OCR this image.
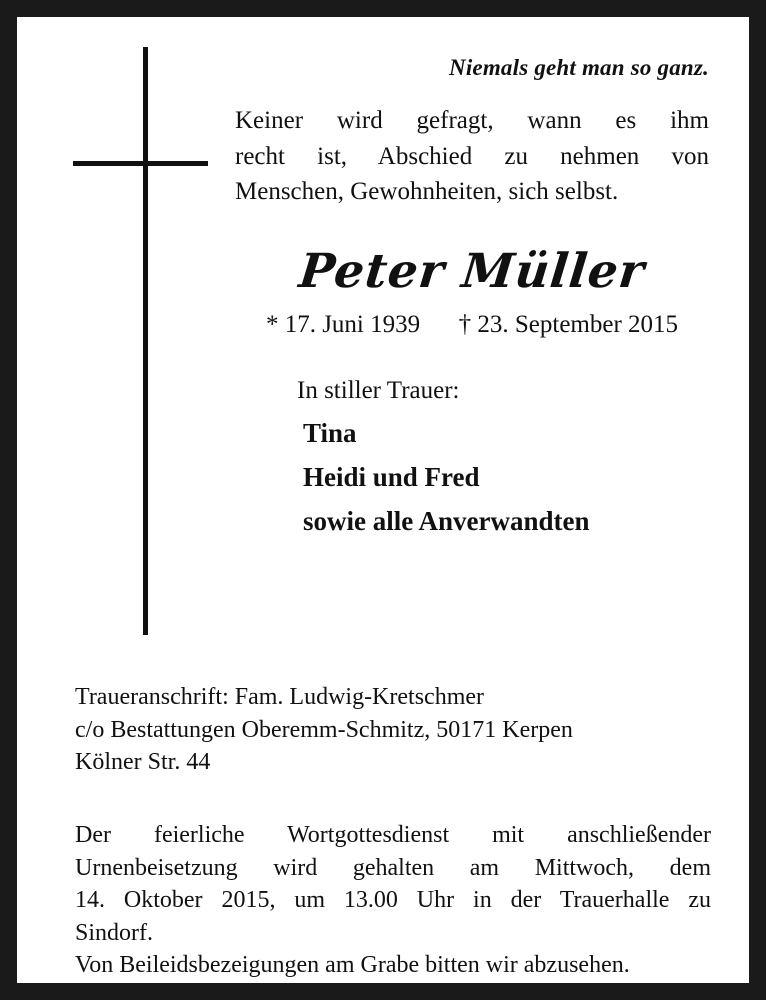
Niemals geht man so ganz.
Keiner wird gefragt, wann es ihm
recht ist, Abschied zu nehmen von
Menschen, Gewohnheiten, sich selbst.
Peter Müller
* 17. Juni 1939 † 23. September 2015
In stiller Trauer:
Tina
Heidi und Fred
sowie alle Anverwandten
Traueranschrift: Fam. Ludwig-Kretschmer
c/o Bestattungen Oberemm-Schmitz, 50171 Kerpen
Kölner Str. 44
Der feierliche Wortgottesdienst mit anschließender
Urnenbeisetzung wird gehalten am Mittwoch, dem
14. Oktober 2015, um 13.00 Uhr in der Trauerhalle zu
Sindorf.
Von Beileidsbezeigungen am Grabe bitten wir abzusehen.
